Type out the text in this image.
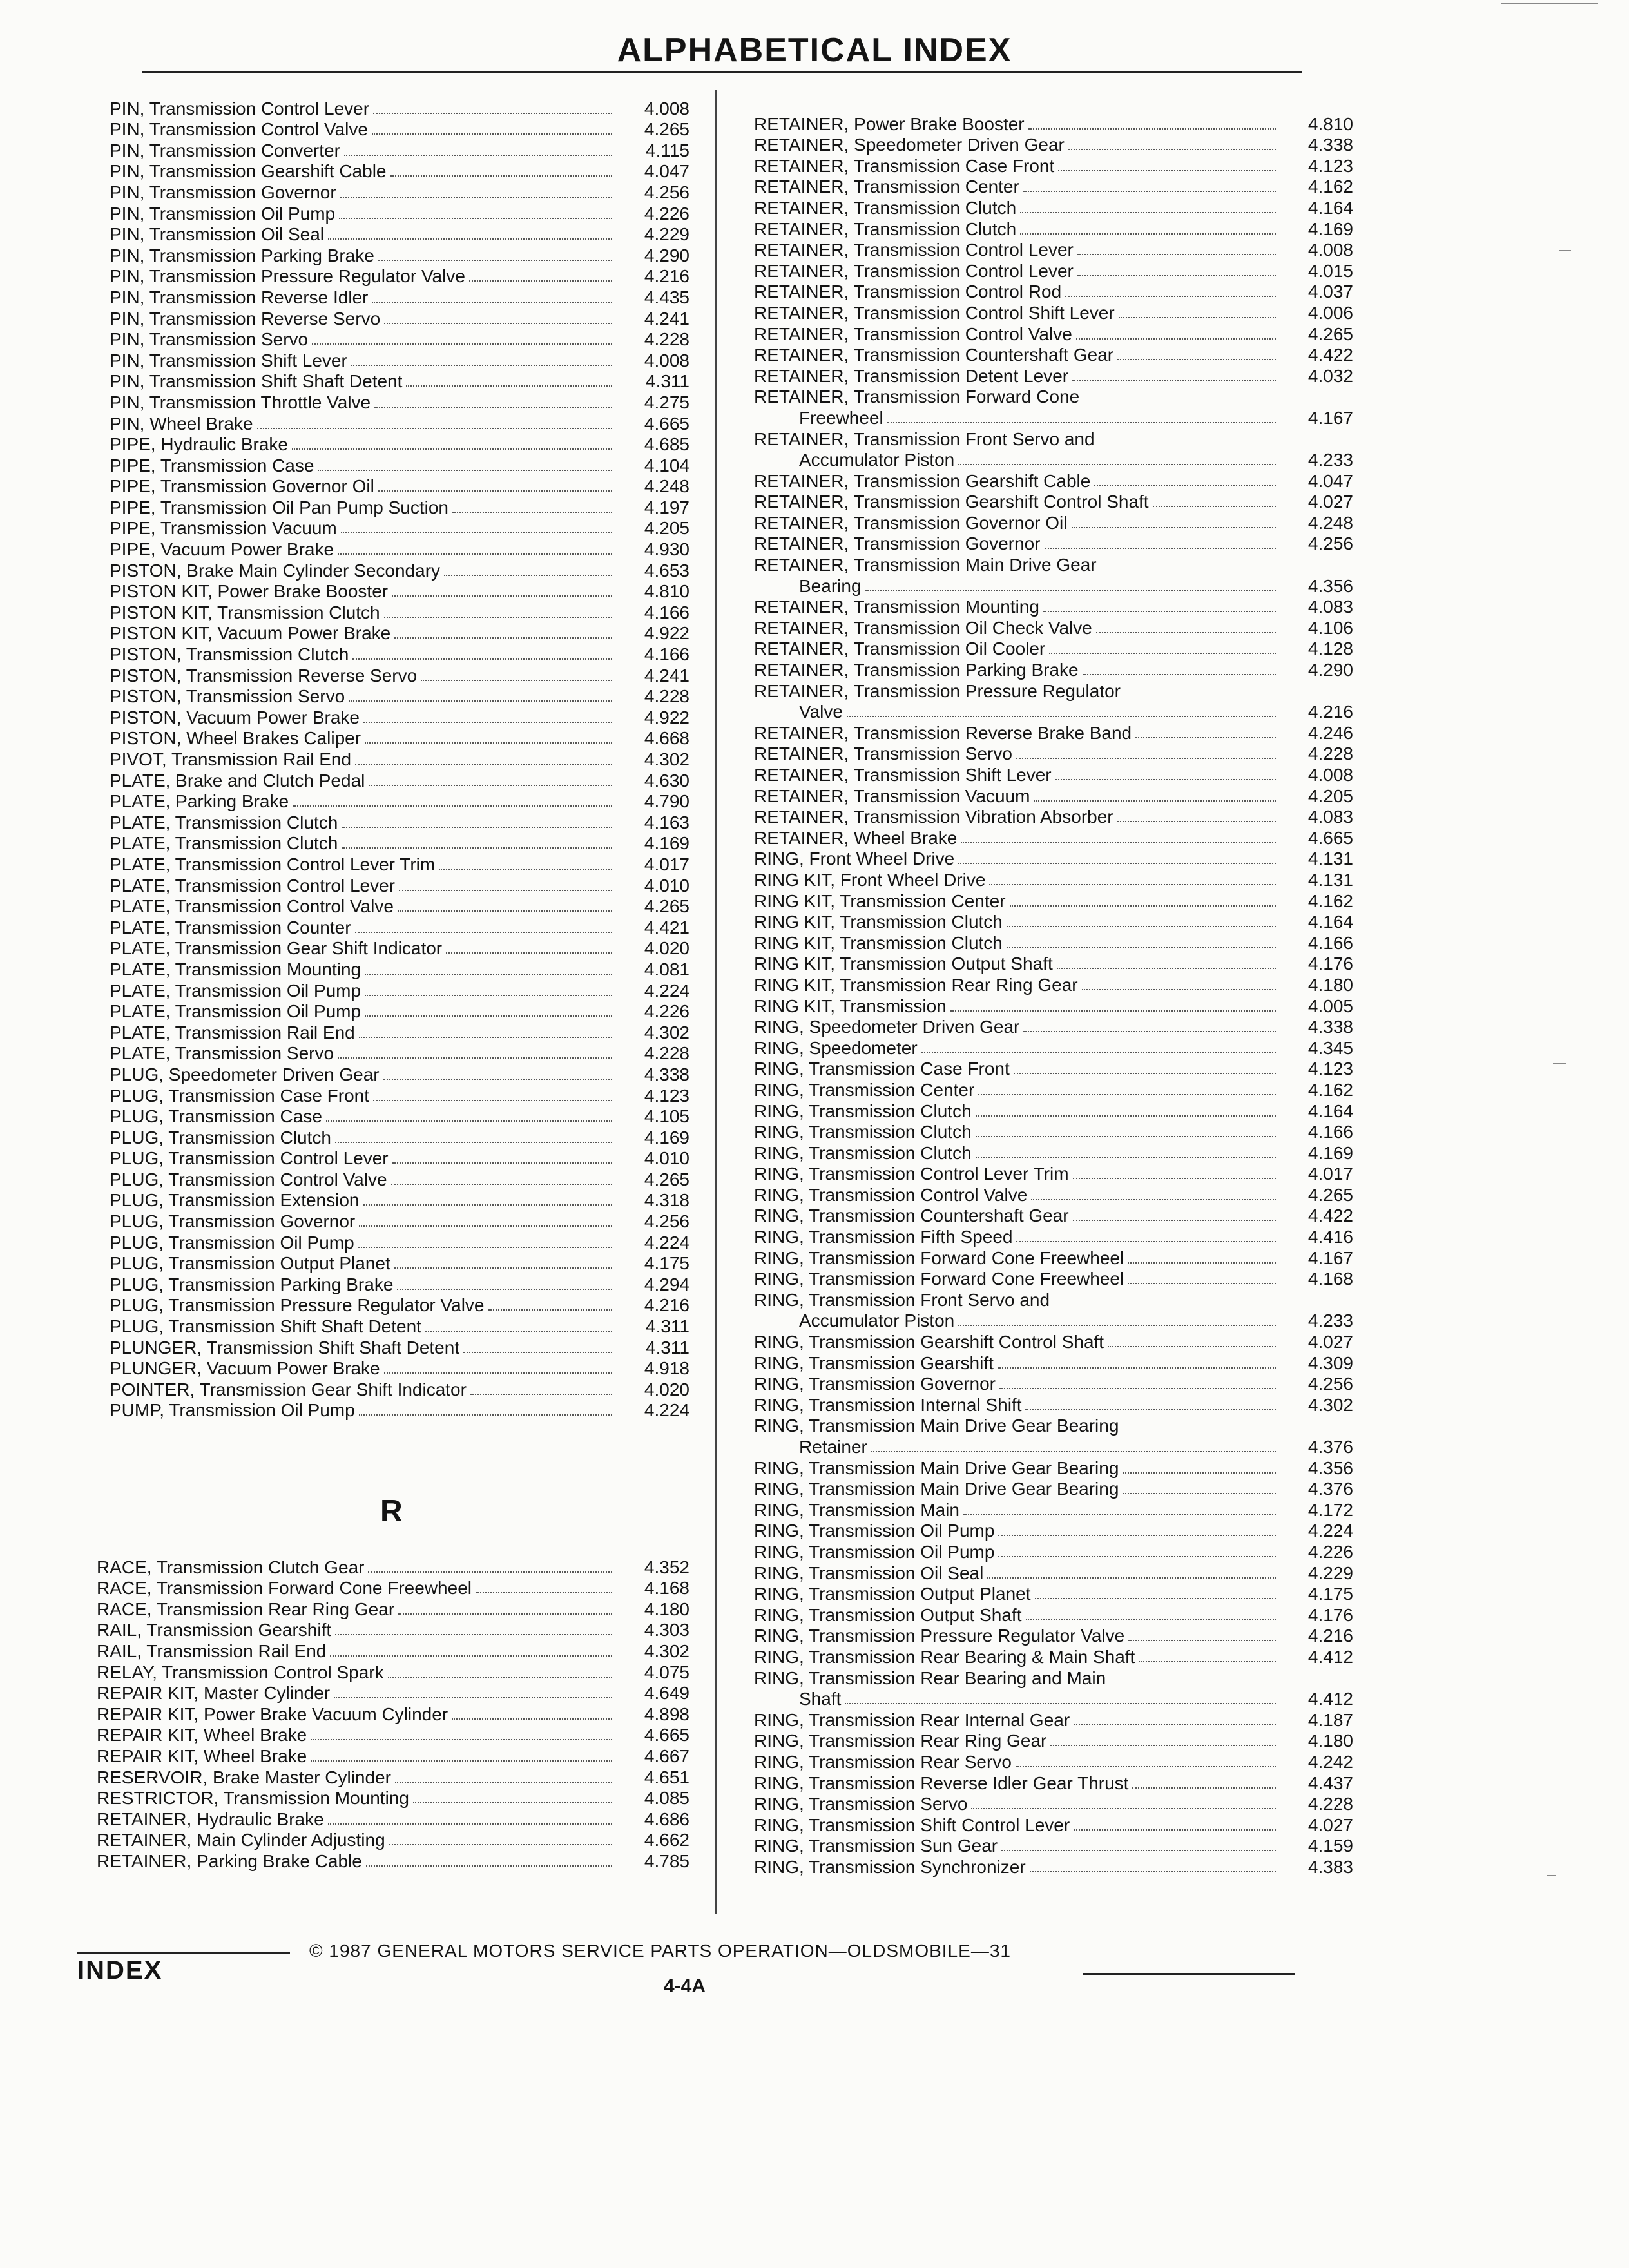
ALPHABETICAL INDEX
PIN, Transmission Control Lever	4.008
PIN, Transmission Control Valve	4.265
PIN, Transmission Converter	4.115
PIN, Transmission Gearshift Cable	4.047
PIN, Transmission Governor	4.256
PIN, Transmission Oil Pump	4.226
PIN, Transmission Oil Seal	4.229
PIN, Transmission Parking Brake	4.290
PIN, Transmission Pressure Regulator Valve	4.216
PIN, Transmission Reverse Idler	4.435
PIN, Transmission Reverse Servo	4.241
PIN, Transmission Servo	4.228
PIN, Transmission Shift Lever	4.008
PIN, Transmission Shift Shaft Detent	4.311
PIN, Transmission Throttle Valve	4.275
PIN, Wheel Brake	4.665
PIPE, Hydraulic Brake	4.685
PIPE, Transmission Case	4.104
PIPE, Transmission Governor Oil	4.248
PIPE, Transmission Oil Pan Pump Suction	4.197
PIPE, Transmission Vacuum	4.205
PIPE, Vacuum Power Brake	4.930
PISTON, Brake Main Cylinder Secondary	4.653
PISTON KIT, Power Brake Booster	4.810
PISTON KIT, Transmission Clutch	4.166
PISTON KIT, Vacuum Power Brake	4.922
PISTON, Transmission Clutch	4.166
PISTON, Transmission Reverse Servo	4.241
PISTON, Transmission Servo	4.228
PISTON, Vacuum Power Brake	4.922
PISTON, Wheel Brakes Caliper	4.668
PIVOT, Transmission Rail End	4.302
PLATE, Brake and Clutch Pedal	4.630
PLATE, Parking Brake	4.790
PLATE, Transmission Clutch	4.163
PLATE, Transmission Clutch	4.169
PLATE, Transmission Control Lever Trim	4.017
PLATE, Transmission Control Lever	4.010
PLATE, Transmission Control Valve	4.265
PLATE, Transmission Counter	4.421
PLATE, Transmission Gear Shift Indicator	4.020
PLATE, Transmission Mounting	4.081
PLATE, Transmission Oil Pump	4.224
PLATE, Transmission Oil Pump	4.226
PLATE, Transmission Rail End	4.302
PLATE, Transmission Servo	4.228
PLUG, Speedometer Driven Gear	4.338
PLUG, Transmission Case Front	4.123
PLUG, Transmission Case	4.105
PLUG, Transmission Clutch	4.169
PLUG, Transmission Control Lever	4.010
PLUG, Transmission Control Valve	4.265
PLUG, Transmission Extension	4.318
PLUG, Transmission Governor	4.256
PLUG, Transmission Oil Pump	4.224
PLUG, Transmission Output Planet	4.175
PLUG, Transmission Parking Brake	4.294
PLUG, Transmission Pressure Regulator Valve	4.216
PLUG, Transmission Shift Shaft Detent	4.311
PLUNGER, Transmission Shift Shaft Detent	4.311
PLUNGER, Vacuum Power Brake	4.918
POINTER, Transmission Gear Shift Indicator	4.020
PUMP, Transmission Oil Pump	4.224
R
RACE, Transmission Clutch Gear	4.352
RACE, Transmission Forward Cone Freewheel	4.168
RACE, Transmission Rear Ring Gear	4.180
RAIL, Transmission Gearshift	4.303
RAIL, Transmission Rail End	4.302
RELAY, Transmission Control Spark	4.075
REPAIR KIT, Master Cylinder	4.649
REPAIR KIT, Power Brake Vacuum Cylinder	4.898
REPAIR KIT, Wheel Brake	4.665
REPAIR KIT, Wheel Brake	4.667
RESERVOIR, Brake Master Cylinder	4.651
RESTRICTOR, Transmission Mounting	4.085
RETAINER, Hydraulic Brake	4.686
RETAINER, Main Cylinder Adjusting	4.662
RETAINER, Parking Brake Cable	4.785
RETAINER, Power Brake Booster	4.810
RETAINER, Speedometer Driven Gear	4.338
RETAINER, Transmission Case Front	4.123
RETAINER, Transmission Center	4.162
RETAINER, Transmission Clutch	4.164
RETAINER, Transmission Clutch	4.169
RETAINER, Transmission Control Lever	4.008
RETAINER, Transmission Control Lever	4.015
RETAINER, Transmission Control Rod	4.037
RETAINER, Transmission Control Shift Lever	4.006
RETAINER, Transmission Control Valve	4.265
RETAINER, Transmission Countershaft Gear	4.422
RETAINER, Transmission Detent Lever	4.032
RETAINER, Transmission Forward Cone
Freewheel	4.167
RETAINER, Transmission Front Servo and
Accumulator Piston	4.233
RETAINER, Transmission Gearshift Cable	4.047
RETAINER, Transmission Gearshift Control Shaft	4.027
RETAINER, Transmission Governor Oil	4.248
RETAINER, Transmission Governor	4.256
RETAINER, Transmission Main Drive Gear
Bearing	4.356
RETAINER, Transmission Mounting	4.083
RETAINER, Transmission Oil Check Valve	4.106
RETAINER, Transmission Oil Cooler	4.128
RETAINER, Transmission Parking Brake	4.290
RETAINER, Transmission Pressure Regulator
Valve	4.216
RETAINER, Transmission Reverse Brake Band	4.246
RETAINER, Transmission Servo	4.228
RETAINER, Transmission Shift Lever	4.008
RETAINER, Transmission Vacuum	4.205
RETAINER, Transmission Vibration Absorber	4.083
RETAINER, Wheel Brake	4.665
RING, Front Wheel Drive	4.131
RING KIT, Front Wheel Drive	4.131
RING KIT, Transmission Center	4.162
RING KIT, Transmission Clutch	4.164
RING KIT, Transmission Clutch	4.166
RING KIT, Transmission Output Shaft	4.176
RING KIT, Transmission Rear Ring Gear	4.180
RING KIT, Transmission	4.005
RING, Speedometer Driven Gear	4.338
RING, Speedometer	4.345
RING, Transmission Case Front	4.123
RING, Transmission Center	4.162
RING, Transmission Clutch	4.164
RING, Transmission Clutch	4.166
RING, Transmission Clutch	4.169
RING, Transmission Control Lever Trim	4.017
RING, Transmission Control Valve	4.265
RING, Transmission Countershaft Gear	4.422
RING, Transmission Fifth Speed	4.416
RING, Transmission Forward Cone Freewheel	4.167
RING, Transmission Forward Cone Freewheel	4.168
RING, Transmission Front Servo and
Accumulator Piston	4.233
RING, Transmission Gearshift Control Shaft	4.027
RING, Transmission Gearshift	4.309
RING, Transmission Governor	4.256
RING, Transmission Internal Shift	4.302
RING, Transmission Main Drive Gear Bearing
Retainer	4.376
RING, Transmission Main Drive Gear Bearing	4.356
RING, Transmission Main Drive Gear Bearing	4.376
RING, Transmission Main	4.172
RING, Transmission Oil Pump	4.224
RING, Transmission Oil Pump	4.226
RING, Transmission Oil Seal	4.229
RING, Transmission Output Planet	4.175
RING, Transmission Output Shaft	4.176
RING, Transmission Pressure Regulator Valve	4.216
RING, Transmission Rear Bearing & Main Shaft	4.412
RING, Transmission Rear Bearing and Main
Shaft	4.412
RING, Transmission Rear Internal Gear	4.187
RING, Transmission Rear Ring Gear	4.180
RING, Transmission Rear Servo	4.242
RING, Transmission Reverse Idler Gear Thrust	4.437
RING, Transmission Servo	4.228
RING, Transmission Shift Control Lever	4.027
RING, Transmission Sun Gear	4.159
RING, Transmission Synchronizer	4.383
INDEX
© 1987 GENERAL MOTORS SERVICE PARTS OPERATION—OLDSMOBILE—31
4-4A
